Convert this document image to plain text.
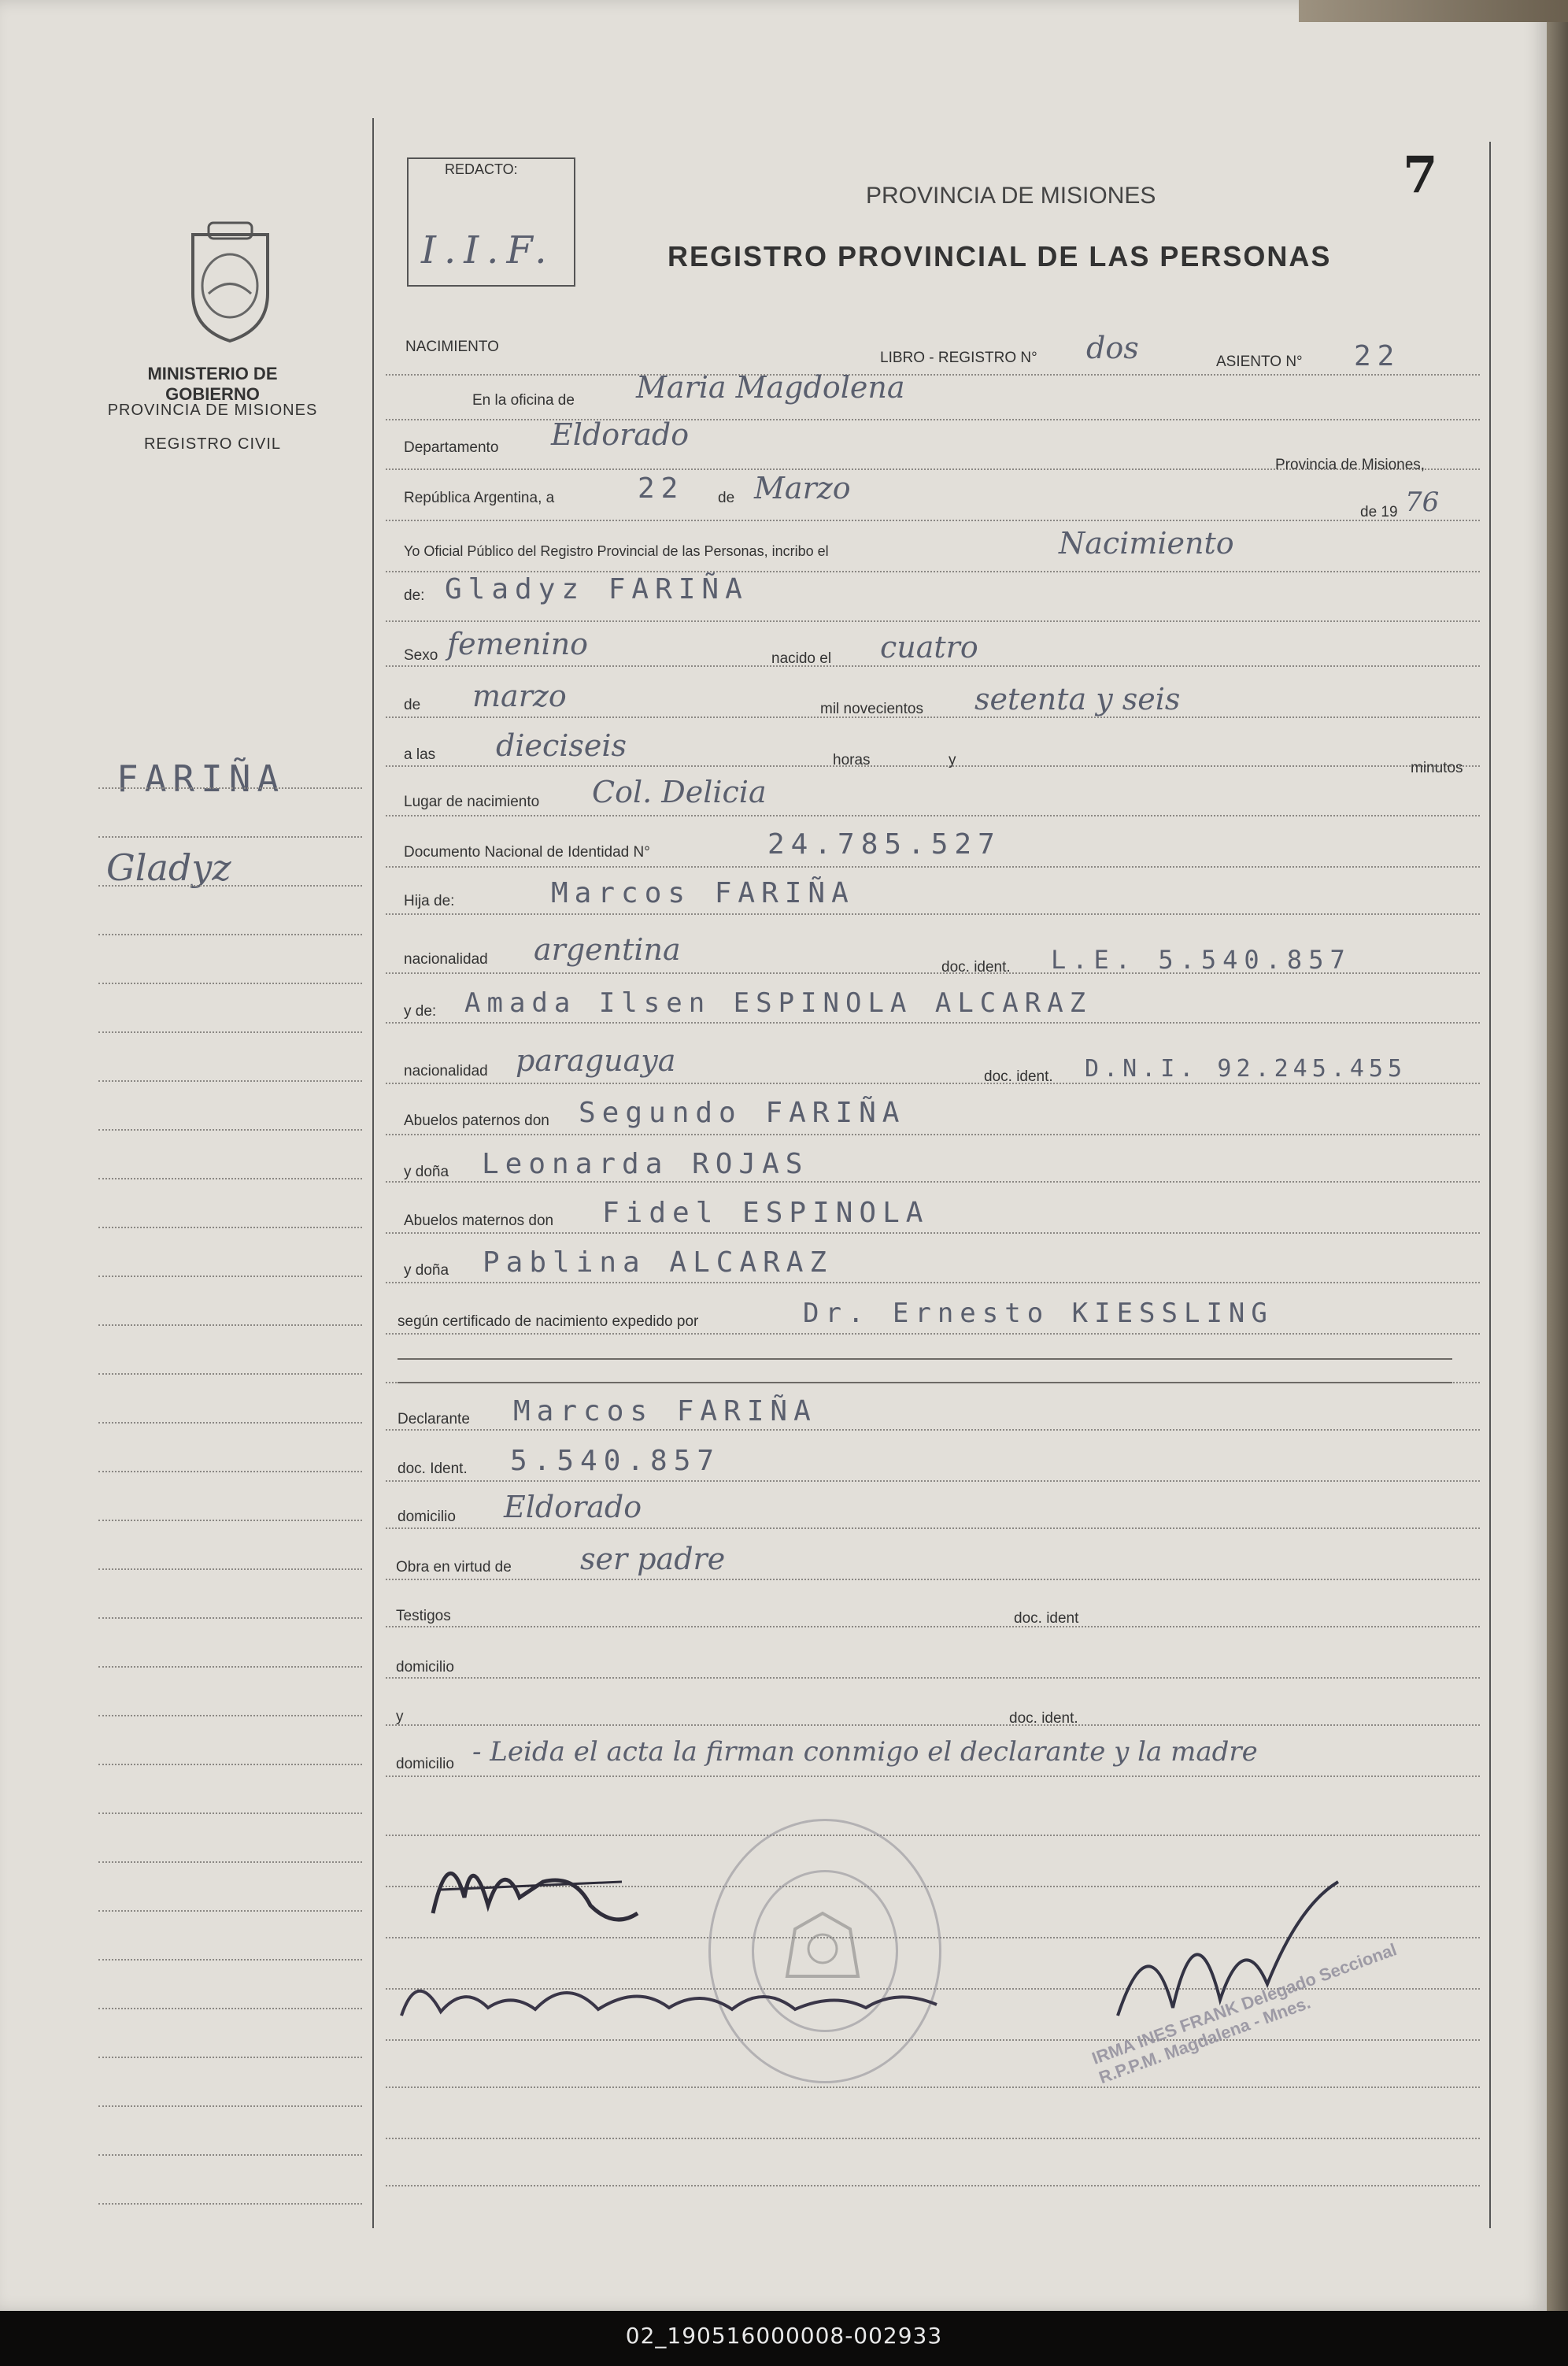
REDACTO:
I.I.F.
PROVINCIA DE MISIONES
REGISTRO PROVINCIAL DE LAS PERSONAS
7
MINISTERIO DE GOBIERNO
PROVINCIA DE MISIONES
REGISTRO CIVIL
FARIÑA
Gladyz
NACIMIENTO
LIBRO - REGISTRO N° dos	ASIENTO N° 22
En la oficina de Maria Magdolena
Departamento Eldorado
Provincia de Misiones,
República Argentina, a	22 de Marzo
de 19 76
Yo Oficial Público del Registro Provincial de las Personas, incribo el	Nacimiento
de: Gladyz FARIÑA
Sexo femenino	nacido el cuatro
de marzo	mil novecientos setenta y seis
a las dieciseis	horas	y	minutos
Lugar de nacimiento Col. Delicia
Documento Nacional de Identidad N°	24.785.527
Hija de:	Marcos FARIÑA
nacionalidad argentina
doc. ident. L.E. 5.540.857
y de: Amada Ilsen ESPINOLA ALCARAZ
nacionalidad paraguaya	doc. ident. D.N.I. 92.245.455
Abuelos paternos don Segundo FARIÑA
y doña Leonarda ROJAS
Abuelos maternos don Fidel ESPINOLA
y doña Pablina ALCARAZ
según certificado de nacimiento expedido por	Dr. Ernesto KIESSLING
Declarante Marcos FARIÑA
doc. Ident. 5.540.857
domicilio Eldorado
Obra en virtud de ser padre
Testigos	doc. ident
domicilio
y	doc. ident.
domicilio - Leida el acta la firman conmigo el declarante y la madre
IRMA INES FRANK Delegado Seccional R.P.P.M. Magdalena - Mnes.
02_190516000008-002933
